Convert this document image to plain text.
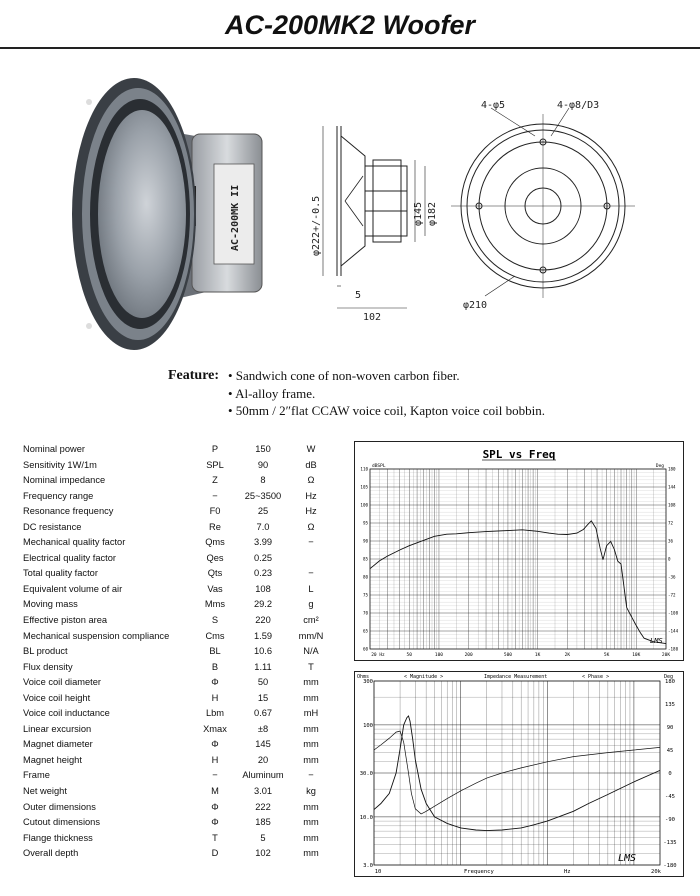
AC-200MK2 Woofer
AC-200MK II
4-φ5	4-φ8/D3
φ222+/-0.5	φ145 φ182
φ210
5
102
Feature: • Sandwich cone of non-woven carbon fiber.
• Al-alloy frame.
• 50mm / 2″flat CCAW voice coil, Kapton voice coil bobbin.
Nominal power	P	150	W
Sensitivity 1W/1m	SPL	90	dB
Nominal impedance	Z	8	Ω
Frequency range	−	25~3500	Hz
Resonance frequency	F0	25	Hz
DC resistance	Re	7.0	Ω
Mechanical quality factor	Qms	3.99	−
Electrical quality factor	Qes	0.25
Total quality factor	Qts	0.23	−
Equivalent volume of air	Vas	108	L
Moving mass	Mms	29.2	g
Effective piston area	S	220	cm²
Mechanical suspension compliance	Cms	1.59	mm/N
BL product	BL	10.6	N/A
Flux density	B	1.11	T
Voice coil diameter	Φ	50	mm
Voice coil height	H	15	mm
Voice coil inductance	Lbm	0.67	mH
Linear excursion	Xmax	±8	mm
Magnet diameter	Φ	145	mm
Magnet height	H	20	mm
Frame	−	Aluminum	−
Net weight	M	3.01	kg
Outer dimensions	Φ	222	mm
Cutout dimensions	Φ	185	mm
Flange thickness	T	5	mm
Overall depth	D	102	mm
SPL vs Freq
dBSPL	Deg
110
105
100
95
90
85
80
75
70
65
60
180
144
108
72
36
0
-36
-72
-108
-144
-180
20 Hz	50	100	200	500	1K	2K	5K	10K	20K
LMS
Ohms	Deg
< Magnitude >	Impedance Measurement	< Phase >
300
100
30.0
10.0
3.0
180
135
90
45
0
-45
-90
-135
-180
10	20k
Frequency	Hz
LMS
